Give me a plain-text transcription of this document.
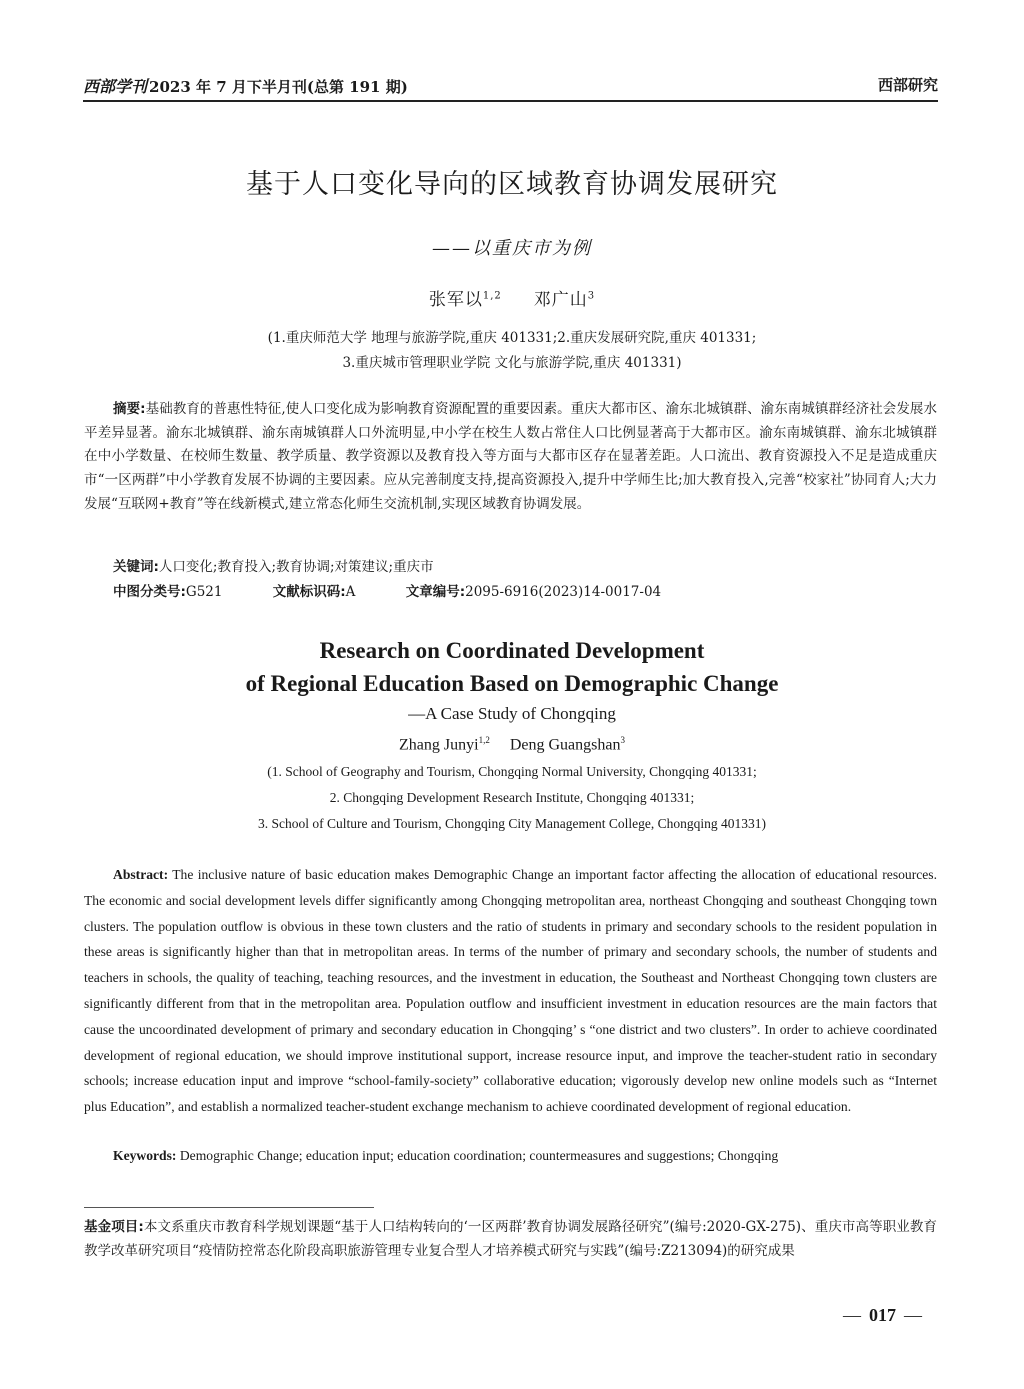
西部学刊 2023 年 7 月下半月刊(总第 191 期)	西部研究
基于人口变化导向的区域教育协调发展研究
——以重庆市为例
张军以$^{1,2}$ 邓广山$^3$
(1.重庆师范大学 地理与旅游学院,重庆 401331;2.重庆发展研究院,重庆 401331;
3.重庆城市管理职业学院 文化与旅游学院,重庆 401331)
摘要:基础教育的普惠性特征,使人口变化成为影响教育资源配置的重要因素。重庆大都市区、渝东北城镇群、渝东南城镇群经济社会发展水平差异显著。渝东北城镇群、渝东南城镇群人口外流明显,中小学在校生人数占常住人口比例显著高于大都市区。渝东南城镇群、渝东北城镇群在中小学数量、在校师生数量、教学质量、教学资源以及教育投入等方面与大都市区存在显著差距。人口流出、教育资源投入不足是造成重庆市“一区两群”中小学教育发展不协调的主要因素。应从完善制度支持,提高资源投入,提升中学师生比;加大教育投入,完善“校家社”协同育人;大力发展“互联网+教育”等在线新模式,建立常态化师生交流机制,实现区域教育协调发展。
关键词:人口变化;教育投入;教育协调;对策建议;重庆市
中图分类号:G521	文献标识码:A	文章编号:2095-6916(2023)14-0017-04
Research on Coordinated Development
of Regional Education Based on Demographic Change
—A Case Study of Chongqing
Zhang Junyi$^{1,2}$ Deng Guangshan$^3$
(1. School of Geography and Tourism, Chongqing Normal University, Chongqing 401331;
2. Chongqing Development Research Institute, Chongqing 401331;
3. School of Culture and Tourism, Chongqing City Management College, Chongqing 401331)
Abstract: The inclusive nature of basic education makes Demographic Change an important factor affecting the allocation of educational resources. The economic and social development levels differ significantly among Chongqing metropolitan area, northeast Chongqing and southeast Chongqing town clusters. The population outflow is obvious in these town clusters and the ratio of students in primary and secondary schools to the resident population in these areas is significantly higher than that in metropolitan areas. In terms of the number of primary and secondary schools, the number of students and teachers in schools, the quality of teaching, teaching resources, and the investment in education, the Southeast and Northeast Chongqing town clusters are significantly different from that in the metropolitan area. Population outflow and insufficient investment in education resources are the main factors that cause the uncoordinated development of primary and secondary education in Chongqing’ s “one district and two clusters”. In order to achieve coordinated development of regional education, we should improve institutional support, increase resource input, and improve the teacher-student ratio in secondary schools; increase education input and improve “school-family-society” collaborative education; vigorously develop new online models such as “Internet plus Education”, and establish a normalized teacher-student exchange mechanism to achieve coordinated development of regional education.
Keywords: Demographic Change; education input; education coordination; countermeasures and suggestions; Chongqing
基金项目:本文系重庆市教育科学规划课题“基于人口结构转向的‘一区两群’教育协调发展路径研究”(编号:2020-GX-275)、重庆市高等职业教育教学改革研究项目“疫情防控常态化阶段高职旅游管理专业复合型人才培养模式研究与实践”(编号:Z213094)的研究成果
— 017 —
